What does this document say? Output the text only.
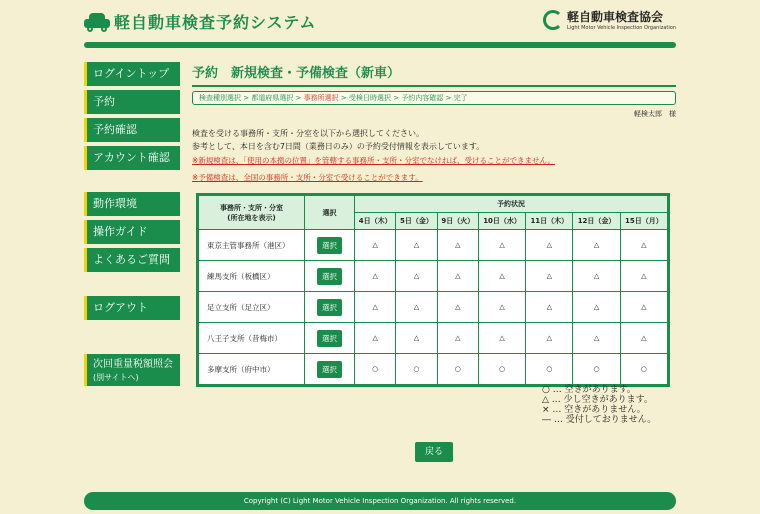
軽自動車検査予約システム	軽自動車検査協会
Light Motor Vehicle Inspection Organization
ログイントップ
予約
予約確認
アカウント確認
動作環境
操作ガイド
よくあるご質問
ログアウト
次回重量税額照会
(別サイトへ)
予約　新規検査・予備検査（新車）
検査種別選択 > 都道府県選択 > 事務所選択 > 受検日時選択 > 予約内容確認 > 完了
軽検太郎　様
検査を受ける事務所・支所・分室を以下から選択してください。
参考として、本日を含む7日間（業務日のみ）の予約受付情報を表示しています。
※新規検査は、「使用の本拠の位置」を管轄する事務所・支所・分室でなければ、受けることができません。
※予備検査は、全国の事務所・支所・分室で受けることができます。
事務所・支所・分室
(所在地を表示)	選択	予約状況						
		4日（木）	5日（金）	9日（火）	10日（水）	11日（木）	12日（金）	15日（月）
東京主管事務所（港区）	選択	△	△	△	△	△	△	△
練馬支所（板橋区）	選択	△	△	△	△	△	△	△
足立支所（足立区）	選択	△	△	△	△	△	△	△
八王子支所（昔梅市）	選択	△	△	△	△	△	△	△
多摩支所（府中市）	選択	○	○	○	○	○	○	○
○ … 空きがあります。
△ … 少し空きがあります。
× … 空きがありません。
― … 受付しておりません。
戻る
Copyright (C) Light Motor Vehicle Inspection Organization. All rights reserved.
